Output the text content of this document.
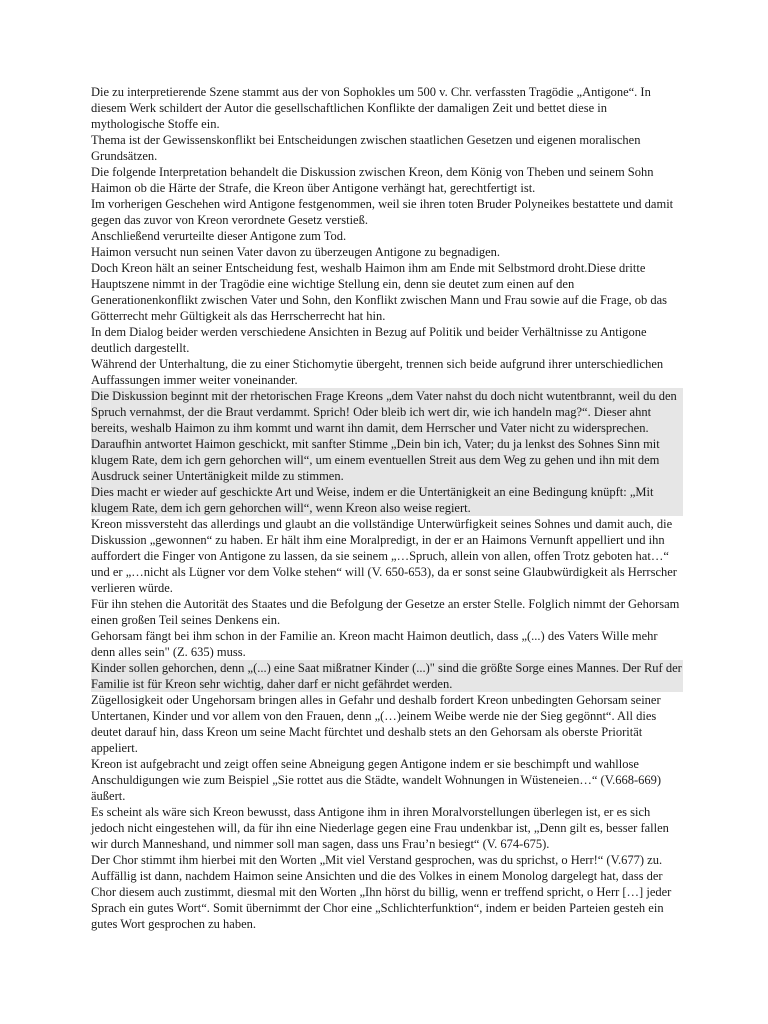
Die zu interpretierende Szene stammt aus der von Sophokles um 500 v. Chr. verfassten Tragödie „Antigone“. In diesem Werk schildert der Autor die gesellschaftlichen Konflikte der damaligen Zeit und bettet diese in mythologische Stoffe ein.

Thema ist der Gewissenskonflikt bei Entscheidungen zwischen staatlichen Gesetzen und eigenen moralischen Grundsätzen.

Die folgende Interpretation behandelt die Diskussion zwischen Kreon, dem König von Theben und seinem Sohn Haimon ob die Härte der Strafe, die Kreon über Antigone verhängt hat, gerechtfertigt ist.

Im vorherigen Geschehen wird Antigone festgenommen, weil sie ihren toten Bruder Polyneikes bestattete und damit gegen das zuvor von Kreon verordnete Gesetz verstieß.

Anschließend verurteilte dieser Antigone zum Tod.

Haimon versucht nun seinen Vater davon zu überzeugen Antigone zu begnadigen.

Doch Kreon hält an seiner Entscheidung fest, weshalb Haimon ihm am Ende mit Selbstmord droht.Diese dritte Hauptszene nimmt in der Tragödie eine wichtige Stellung ein, denn sie deutet zum einen auf den Generationenkonflikt zwischen Vater und Sohn, den Konflikt zwischen Mann und Frau sowie auf die Frage, ob das Götterrecht mehr Gültigkeit als das Herrscherrecht hat hin.

In dem Dialog beider werden verschiedene Ansichten in Bezug auf Politik und beider Verhältnisse zu Antigone deutlich dargestellt.

Während der Unterhaltung, die zu einer Stichomytie übergeht, trennen sich beide aufgrund ihrer unterschiedlichen Auffassungen immer weiter voneinander.

Die Diskussion beginnt mit der rhetorischen Frage Kreons „dem Vater nahst du doch nicht wutentbrannt, weil du den Spruch vernahmst, der die Braut verdammt. Sprich! Oder bleib ich wert dir, wie ich handeln mag?“. Dieser ahnt bereits, weshalb Haimon zu ihm kommt und warnt ihn damit, dem Herrscher und Vater nicht zu widersprechen. Daraufhin antwortet Haimon geschickt, mit sanfter Stimme „Dein bin ich, Vater; du ja lenkst des Sohnes Sinn mit klugem Rate, dem ich gern gehorchen will“, um einem eventuellen Streit aus dem Weg zu gehen und ihn mit dem Ausdruck seiner Untertänigkeit milde zu stimmen.

Dies macht er wieder auf geschickte Art und Weise, indem er die Untertänigkeit an eine Bedingung knüpft: „Mit klugem Rate, dem ich gern gehorchen will“, wenn Kreon also weise regiert.

Kreon missversteht das allerdings und glaubt an die vollständige Unterwürfigkeit seines Sohnes und damit auch, die Diskussion „gewonnen“ zu haben. Er hält ihm eine Moralpredigt, in der er an Haimons Vernunft appelliert und ihn auffordert die Finger von Antigone zu lassen, da sie seinem „…Spruch, allein von allen, offen Trotz geboten hat…“ und er „…nicht als Lügner vor dem Volke stehen“ will (V. 650-653), da er sonst seine Glaubwürdigkeit als Herrscher verlieren würde.

Für ihn stehen die Autorität des Staates und die Befolgung der Gesetze an erster Stelle. Folglich nimmt der Gehorsam einen großen Teil seines Denkens ein.

Gehorsam fängt bei ihm schon in der Familie an. Kreon macht Haimon deutlich, dass „(...) des Vaters Wille mehr denn alles sein" (Z. 635) muss.

Kinder sollen gehorchen, denn „(...) eine Saat mißratner Kinder (...)" sind die größte Sorge eines Mannes. Der Ruf der Familie ist für Kreon sehr wichtig, daher darf er nicht gefährdet werden.

Zügellosigkeit oder Ungehorsam bringen alles in Gefahr und deshalb fordert Kreon unbedingten Gehorsam seiner Untertanen, Kinder und vor allem von den Frauen, denn „(…)einem Weibe werde nie der Sieg gegönnt“. All dies deutet darauf hin, dass Kreon um seine Macht fürchtet und deshalb stets an den Gehorsam als oberste Priorität appeliert.

Kreon ist aufgebracht und zeigt offen seine Abneigung gegen Antigone indem er sie beschimpft und wahllose Anschuldigungen wie zum Beispiel „Sie rottet aus die Städte, wandelt Wohnungen in Wüsteneien…“ (V.668-669) äußert.

Es scheint als wäre sich Kreon bewusst, dass Antigone ihm in ihren Moralvorstellungen überlegen ist, er es sich jedoch nicht eingestehen will, da für ihn eine Niederlage gegen eine Frau undenkbar ist, „Denn gilt es, besser fallen wir durch Manneshand, und nimmer soll man sagen, dass uns Frau’n besiegt“ (V. 674-675).

Der Chor stimmt ihm hierbei mit den Worten „Mit viel Verstand gesprochen, was du sprichst, o Herr!“ (V.677) zu.

Auffällig ist dann, nachdem Haimon seine Ansichten und die des Volkes in einem Monolog dargelegt hat, dass der Chor diesem auch zustimmt, diesmal mit den Worten „Ihn hörst du billig, wenn er treffend spricht, o Herr […] jeder Sprach ein gutes Wort“. Somit übernimmt der Chor eine „Schlichterfunktion“, indem er beiden Parteien gesteh ein gutes Wort gesprochen zu haben.
